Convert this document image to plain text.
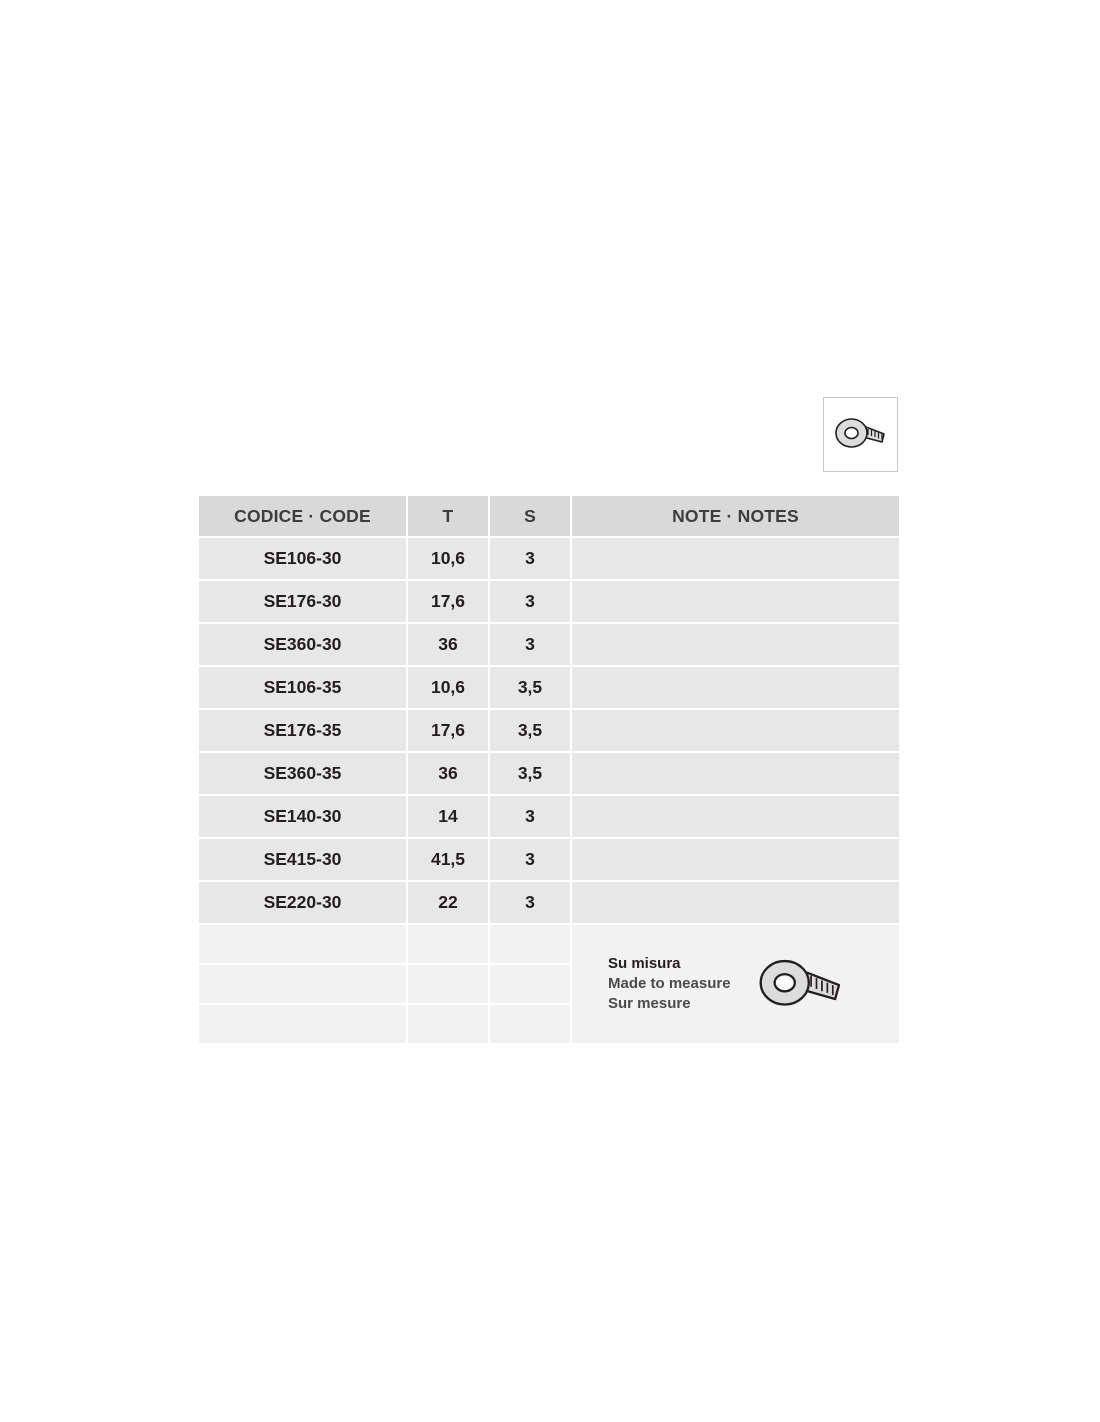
CODICE · CODE	T	S	NOTE · NOTES
SE106-30	10,6	3	
SE176-30	17,6	3	
SE360-30	36	3	
SE106-35	10,6	3,5	
SE176-35	17,6	3,5	
SE360-35	36	3,5	
SE140-30	14	3	
SE415-30	41,5	3	
SE220-30	22	3	

			Su misura
Made to measure
Sur mesure
